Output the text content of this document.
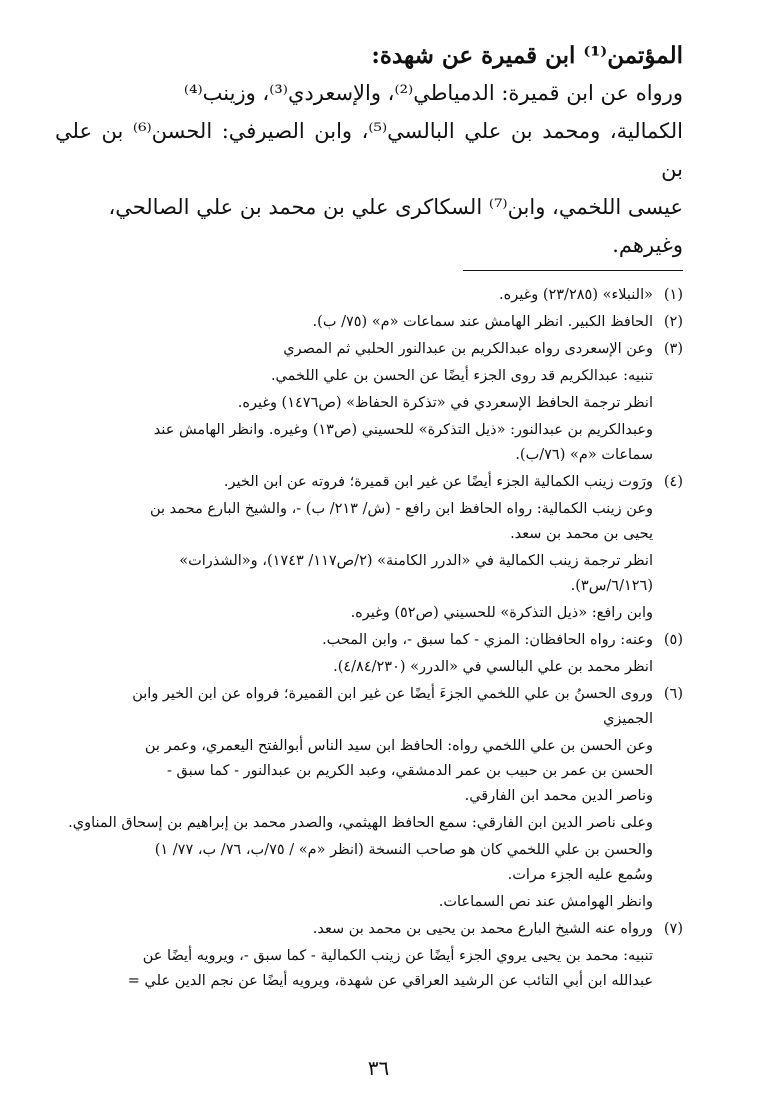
المؤتمن⁽¹⁾ ابن قميرة عن شهدة:

ورواه عن ابن قميرة: الدمياطي⁽²⁾، والإسعردي⁽³⁾، وزينب⁽⁴⁾

الكمالية، ومحمد بن علي البالسي⁽⁵⁾، وابن الصيرفي: الحسن⁽⁶⁾ بن علي بن

عيسى اللخمي، وابن⁽⁷⁾ السكاكرى علي بن محمد بن علي الصالحي،

وغيرهم.

(١)

«النبلاء» (٢٣/٢٨٥) وغيره.

(٢)

الحافظ الكبير. انظر الهامش عند سماعات «م» (٧٥/ ب).

(٣)

وعن الإسعردى رواه عبدالكريم بن عبدالنور الحلبي ثم المصري

تنبيه: عبدالكريم قد روى الجزء أيضًا عن الحسن بن علي اللخمي.

انظر ترجمة الحافظ الإسعردي في «تذكرة الحفاظ» (ص١٤٧٦) وغيره.

وعبدالكريم بن عبدالنور: «ذيل التذكرة» للحسيني (ص١٣) وغيره. وانظر الهامش عند

سماعات «م» (٧٦/ب).

(٤)

ورَوت زينب الكمالية الجزء أيضًا عن غير ابن قميرة؛ فروته عن ابن الخير.

وعن زينب الكمالية: رواه الحافظ ابن رافع - (ش/ ٢١٣/ ب) -، والشيخ البارع محمد بن

يحيى بن محمد بن سعد.

انظر ترجمة زينب الكمالية في «الدرر الكامنة» (٢/ص١١٧/ ١٧٤٣)، و«الشذرات»

(٦/١٢٦/س٣).

وابن رافع: «ذيل التذكرة» للحسيني (ص٥٢) وغيره.

(٥)

وعنه: رواه الحافظان: المزي - كما سبق -، وابن المحب.

انظر محمد بن علي البالسي في «الدرر» (٤/٨٤/٢٣٠).

(٦)

وروى الحسنُ بن علي اللخمي الجزءَ أيضًا عن غير ابن القميرة؛ فرواه عن ابن الخير وابن

الجميزي

وعن الحسن بن علي اللخمي رواه: الحافظ ابن سيد الناس أبوالفتح اليعمري، وعمر بن

الحسن بن عمر بن حبيب بن عمر الدمشقي، وعبد الكريم بن عبدالنور - كما سبق -

وناصر الدين محمد ابن الفارقي.

وعلى ناصر الدين ابن الفارقي: سمع الحافظ الهيثمي، والصدر محمد بن إبراهيم بن إسحاق المناوي.

والحسن بن علي اللخمي كان هو صاحب النسخة (انظر «م» / ٧٥/ب، ٧٦/ ب، ٧٧/ ١)

وسُمع عليه الجزء مرات.

وانظر الهوامش عند نص السماعات.

(٧)

ورواه عنه الشيخ البارع محمد بن يحيى بن محمد بن سعد.

تنبيه: محمد بن يحيى يروي الجزء أيضًا عن زينب الكمالية - كما سبق -، ويرويه أيضًا عن

عبدالله ابن أبي التائب عن الرشيد العراقي عن شهدة، ويرويه أيضًا عن نجم الدين علي =

٣٦
